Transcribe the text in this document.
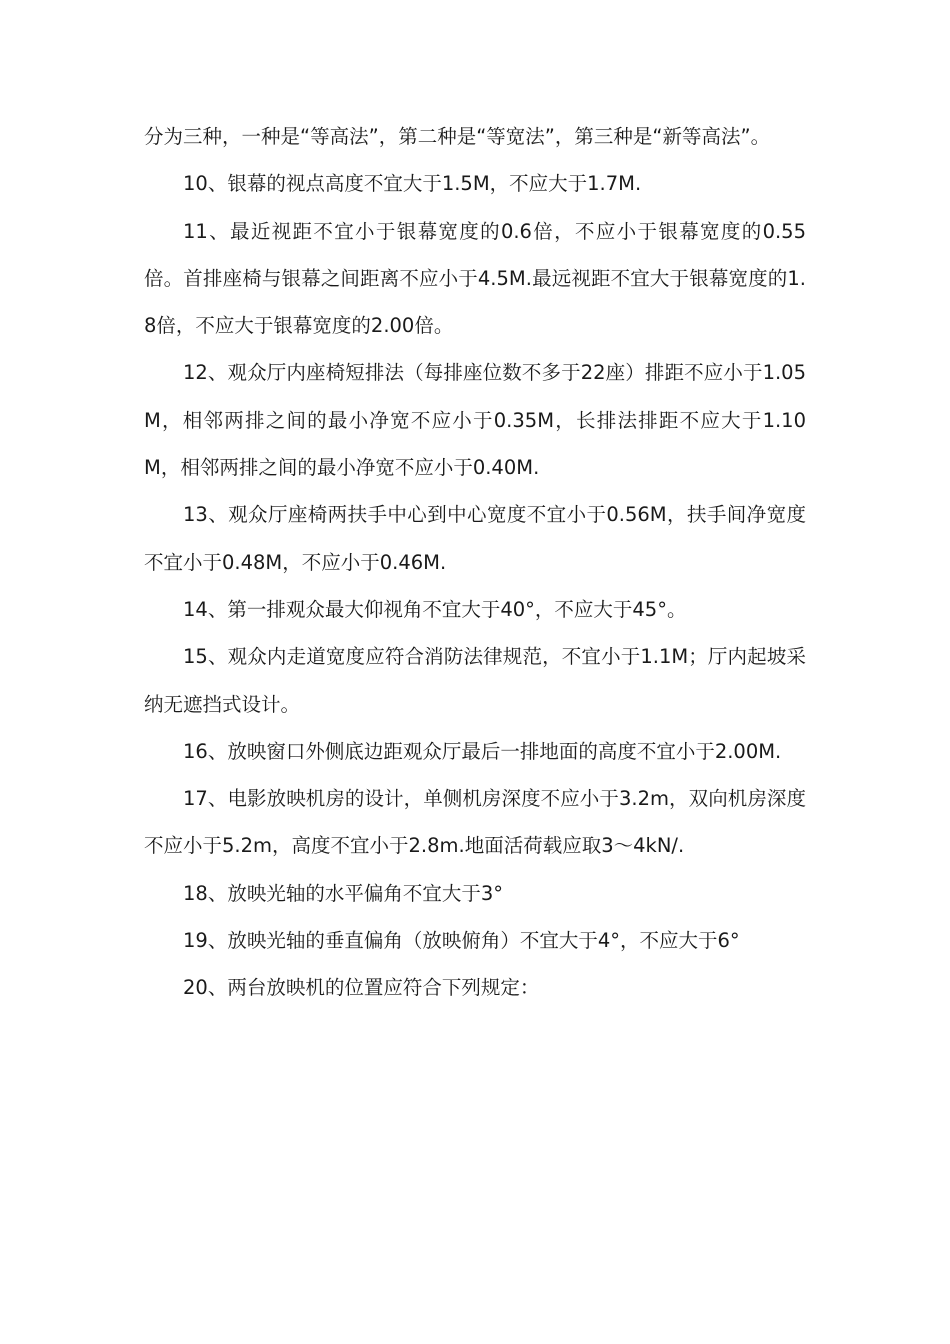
分为三种，一种是“等高法”，第二种是“等宽法”，第三种是“新等高法”。

10、银幕的视点高度不宜大于1.5M，不应大于1.7M.

11、最近视距不宜小于银幕宽度的0.6倍，不应小于银幕宽度的0.55倍。首排座椅与银幕之间距离不应小于4.5M.最远视距不宜大于银幕宽度的1.8倍，不应大于银幕宽度的2.00倍。

12、观众厅内座椅短排法（每排座位数不多于22座）排距不应小于1.05M，相邻两排之间的最小净宽不应小于0.35M，长排法排距不应大于1.10M，相邻两排之间的最小净宽不应小于0.40M.

13、观众厅座椅两扶手中心到中心宽度不宜小于0.56M，扶手间净宽度不宜小于0.48M，不应小于0.46M.

14、第一排观众最大仰视角不宜大于40°，不应大于45°。

15、观众内走道宽度应符合消防法律规范，不宜小于1.1M；厅内起坡采纳无遮挡式设计。

16、放映窗口外侧底边距观众厅最后一排地面的高度不宜小于2.00M.

17、电影放映机房的设计，单侧机房深度不应小于3.2m，双向机房深度不应小于5.2m，高度不宜小于2.8m.地面活荷载应取3～4kN/.

18、放映光轴的水平偏角不宜大于3°

19、放映光轴的垂直偏角（放映俯角）不宜大于4°，不应大于6°

20、两台放映机的位置应符合下列规定：
